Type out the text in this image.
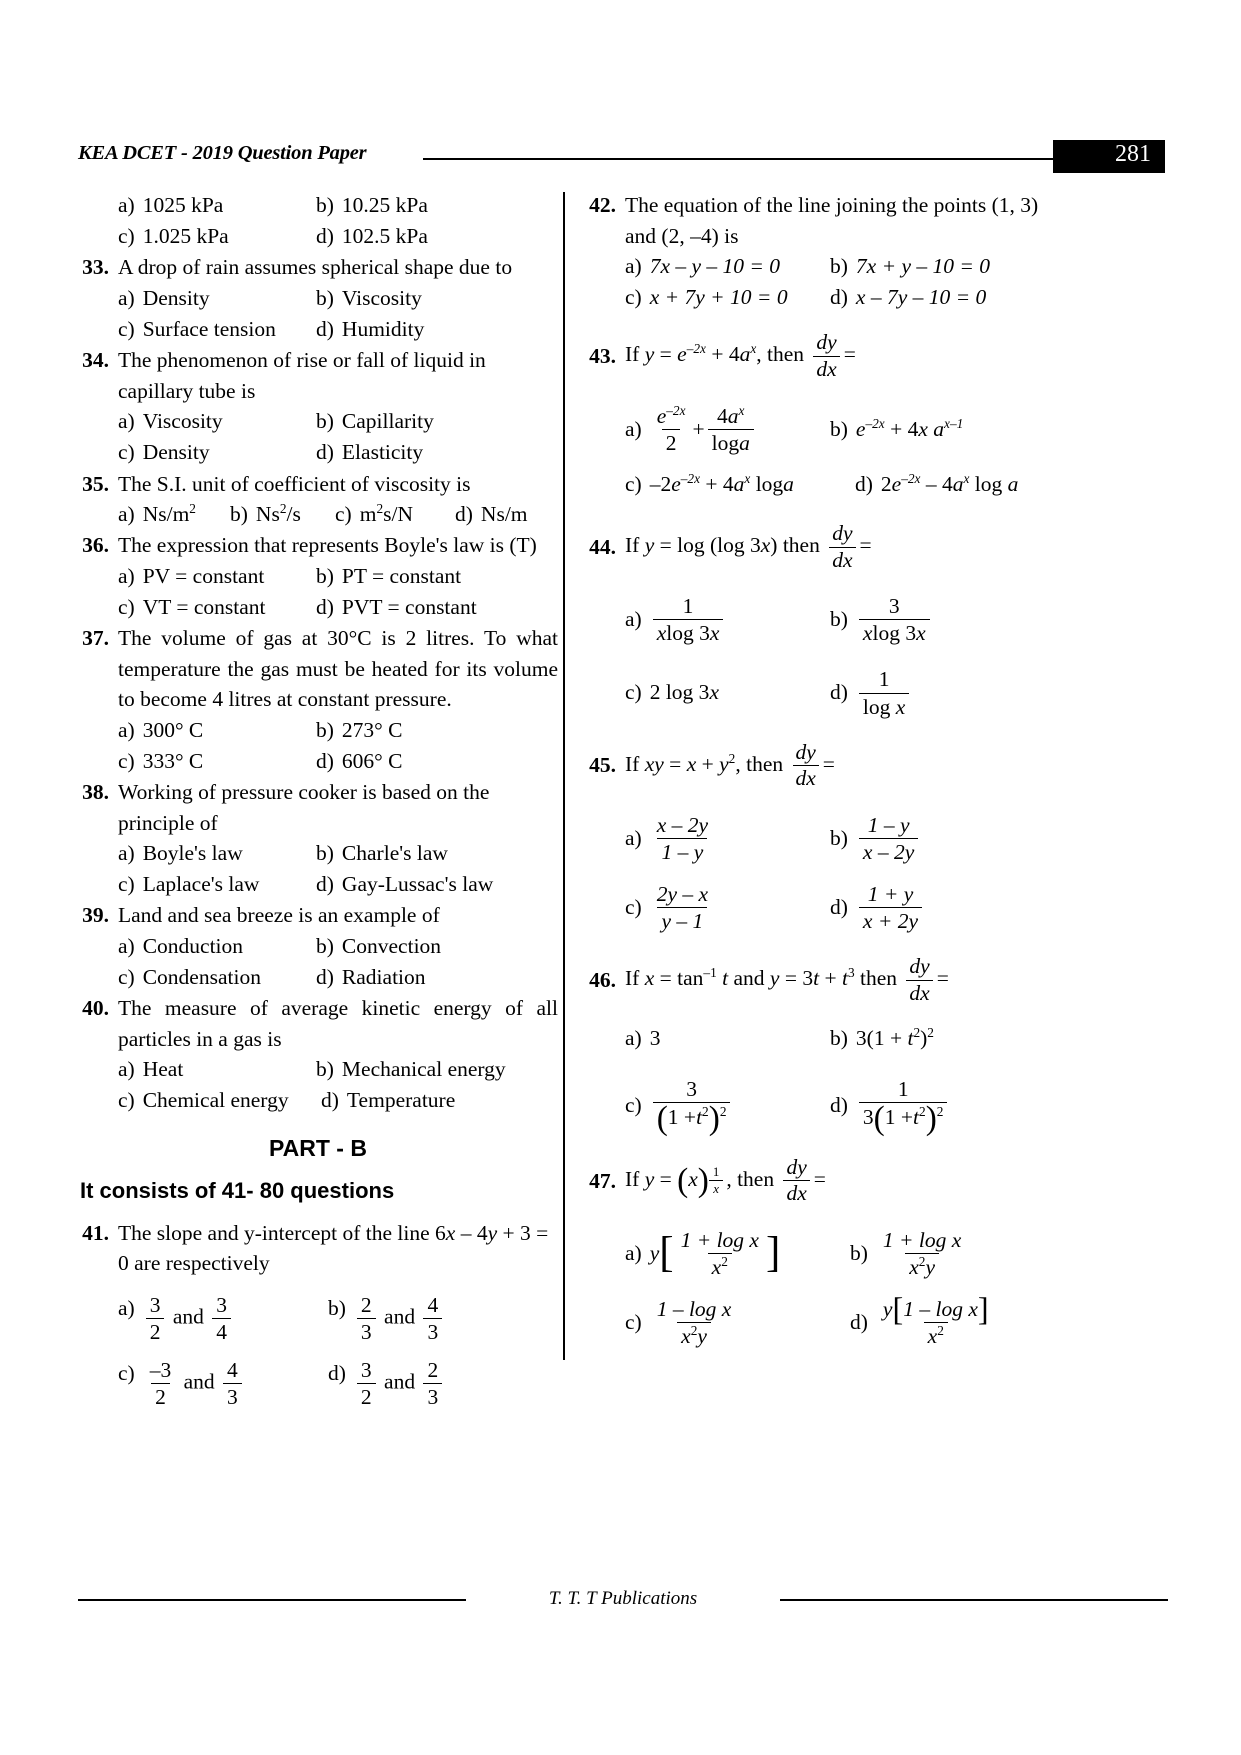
KEA DCET - 2019 Question Paper	281
a) 1025 kPa	b) 10.25 kPa
c) 1.025 kPa	d) 102.5 kPa
33. A drop of rain assumes spherical shape due to
a) Density	b) Viscosity
c) Surface tension d) Humidity
34. The phenomenon of rise or fall of liquid in capillary tube is
a) Viscosity	b) Capillarity
c) Density	d) Elasticity
35. The S.I. unit of coefficient of viscosity is
a) $Ns/m^2$ b) Ns$^2$/s c) $m^2s/N$ d) Ns/m
36. The expression that represents Boyle's law is (T)
a) PV = constant b) PT = constant
c) VT = constant d) PVT = constant
37. The volume of gas at 30°C is 2 litres. To what temperature the gas must be heated for its volume to become 4 litres at constant pressure.
a) 300° C	b) 273° C
c) 333° C	d) 606° C
38. Working of pressure cooker is based on the principle of
a) Boyle's law	b) Charle's law
c) Laplace's law	d) Gay-Lussac's law
39. Land and sea breeze is an example of
a) Conduction	b) Convection
c) Condensation	d) Radiation
40. The measure of average kinetic energy of all particles in a gas is
a) Heat	b) Mechanical energy
c) Chemical energy d) Temperature
PART - B
It consists of 41- 80 questions
41. The slope and y-intercept of the line 6x – 4y + 3 = 0 are respectively
$a) \frac{3}{2}$ and $\frac{3}{4}$	$b) \frac{2}{3}$ and $\frac{4}{3}$
$c) \frac{-3}{2}$ and $\frac{4}{3}$	$d) \frac{3}{2}$ and $\frac{2}{3}$
42. The equation of the line joining the points (1, 3) and (2, –4) is
a) 7x – y – 10 = 0 b) 7x + y – 10 = 0
c) x + 7y + 10 = 0 d) x – 7y – 10 = 0
43. If $y = e^{-2x} + 4a^x$, then $\frac{dy}{dx}$ =
$a) \frac{e^{-2x}}{2} + \frac{4a^x}{\log a}$	b) $e^{-2x} + 4x$ $a^{x-1}$
c) $-2e^{-2x} + 4a^x$ loga	d) $2e^{-2x} - 4a^x$ log a
44. If y = log (log 3x) then $\frac{dy}{dx}$ =
$a) \frac{1}{xlog 3x}$	$b) \frac{3}{xlog 3x}$
c) 2 log 3x	$d) \frac{1}{\text{log x}}$
45. If xy = $x + y^2$, then $\frac{dy}{dx}$ =
$a) \frac{x - 2y}{1 - y}$	$b) \frac{1 - y}{x - 2y}$
$c) \frac{2y - x}{y - 1}$	$d) \frac{1 + y}{x + 2y}$
46. If $x = \tan^{-1} t$ and $y = 3t + t^3$ then $\frac{dy}{dx}$ =
a) 3	b) $3(1 + t^2)^2$
$c) \frac{3}{(1 +t^2)^2}$	$d) \frac{1}{3(1 +t^2)^2}$
47. If $y = (x) \frac{1}{x}$ , then $\frac{dy}{dx}$ =
a) y [ $\frac{\text{1 + log x}}{x^2}$ ]	$b) \frac{\text{1 + log x}}{x^2y}$
$c) \frac{\text{1 – log x}}{x^2y}$	$d) \frac{\text{y [ 1 – log x ]}}{x^2}$
T. T. T Publications
